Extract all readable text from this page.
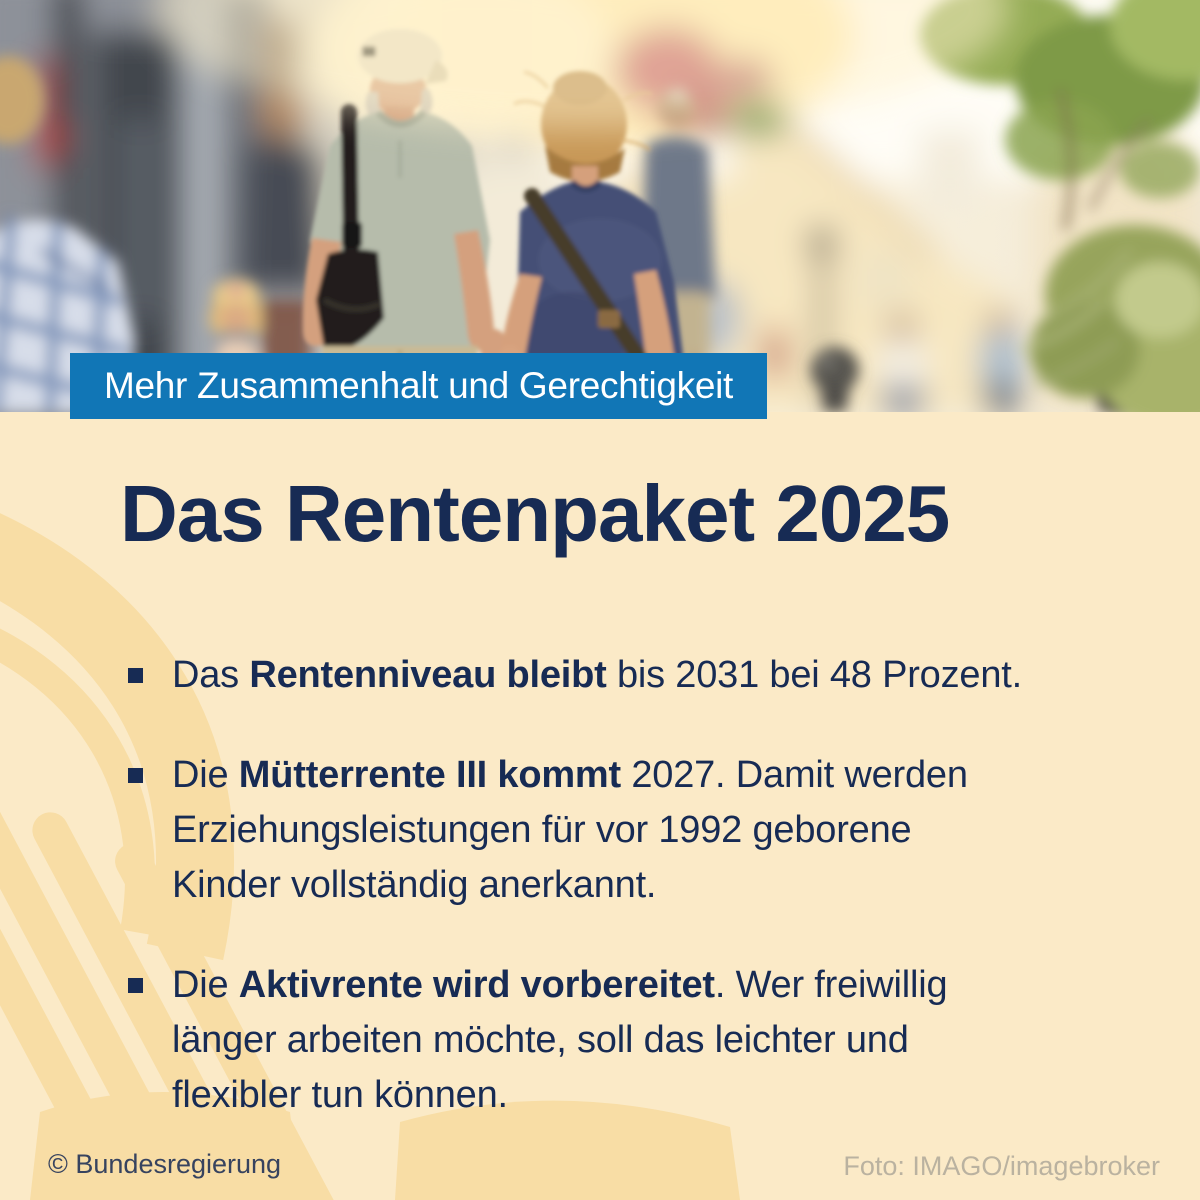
Mehr Zusammenhalt und Gerechtigkeit
Das Rentenpaket 2025
Das Rentenniveau bleibt bis 2031 bei 48 Prozent.
Die Mütterrente III kommt 2027. Damit werden Erziehungsleistungen für vor 1992 geborene Kinder vollständig anerkannt.
Die Aktivrente wird vorbereitet. Wer freiwillig länger arbeiten möchte, soll das leichter und flexibler tun können.
© Bundesregierung	Foto: IMAGO/imagebroker
